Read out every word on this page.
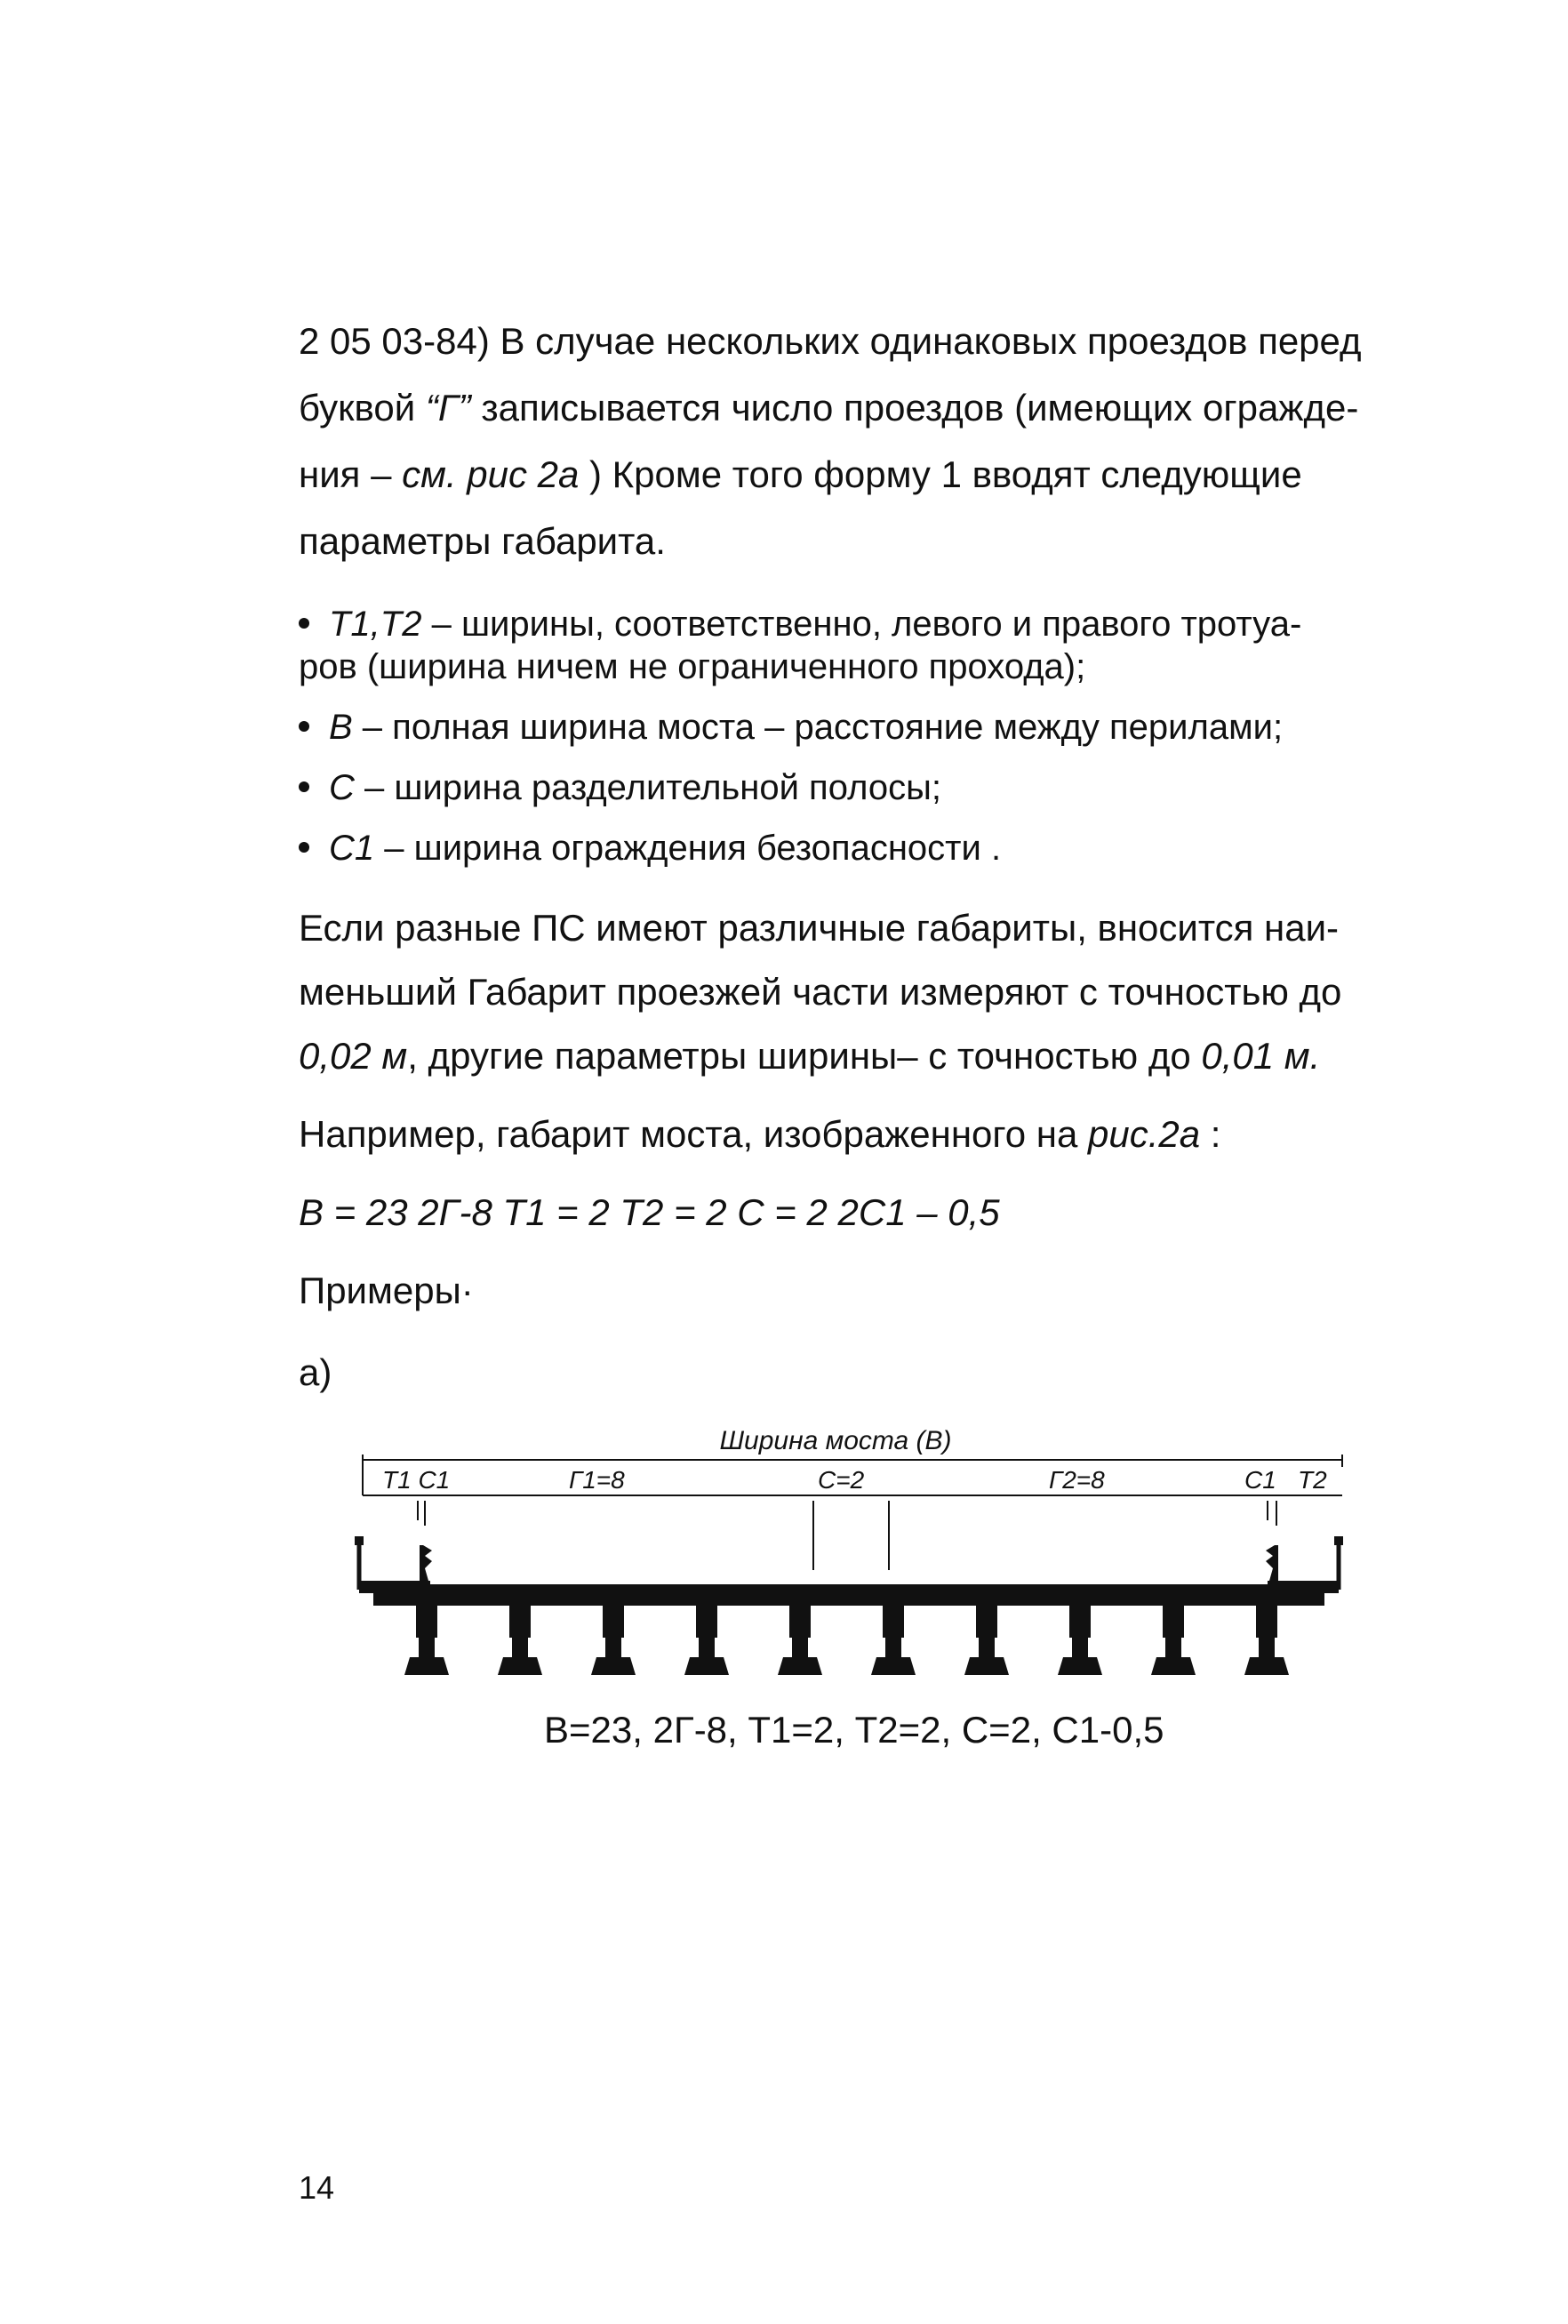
2 05 03-84) В случае нескольких одинаковых проездов перед
буквой “Г” записывается число проездов (имеющих огражде-
ния – см. рис 2а ) Кроме того форму 1 вводят следующие
параметры габарита.
Т1,Т2 – ширины, соответственно, левого и правого тротуа-
ров (ширина ничем не ограниченного прохода);
В – полная ширина моста – расстояние между перилами;
С – ширина разделительной полосы;
С1 – ширина ограждения безопасности .
Если разные ПС имеют различные габариты, вносится наи-
меньший Габарит проезжей части измеряют с точностью до
0,02 м, другие параметры ширины– с точностью до 0,01 м.
Например, габарит моста, изображенного на рис.2а :
В = 23 2Г-8 Т1 = 2 Т2 = 2 С = 2 2С1 – 0,5
Примеры·
а)
Ширина моста (В)
Т1 С1	Г1=8	С=2	Г2=8	С1 Т2
В=23, 2Г-8, Т1=2, Т2=2, С=2, С1-0,5
14
